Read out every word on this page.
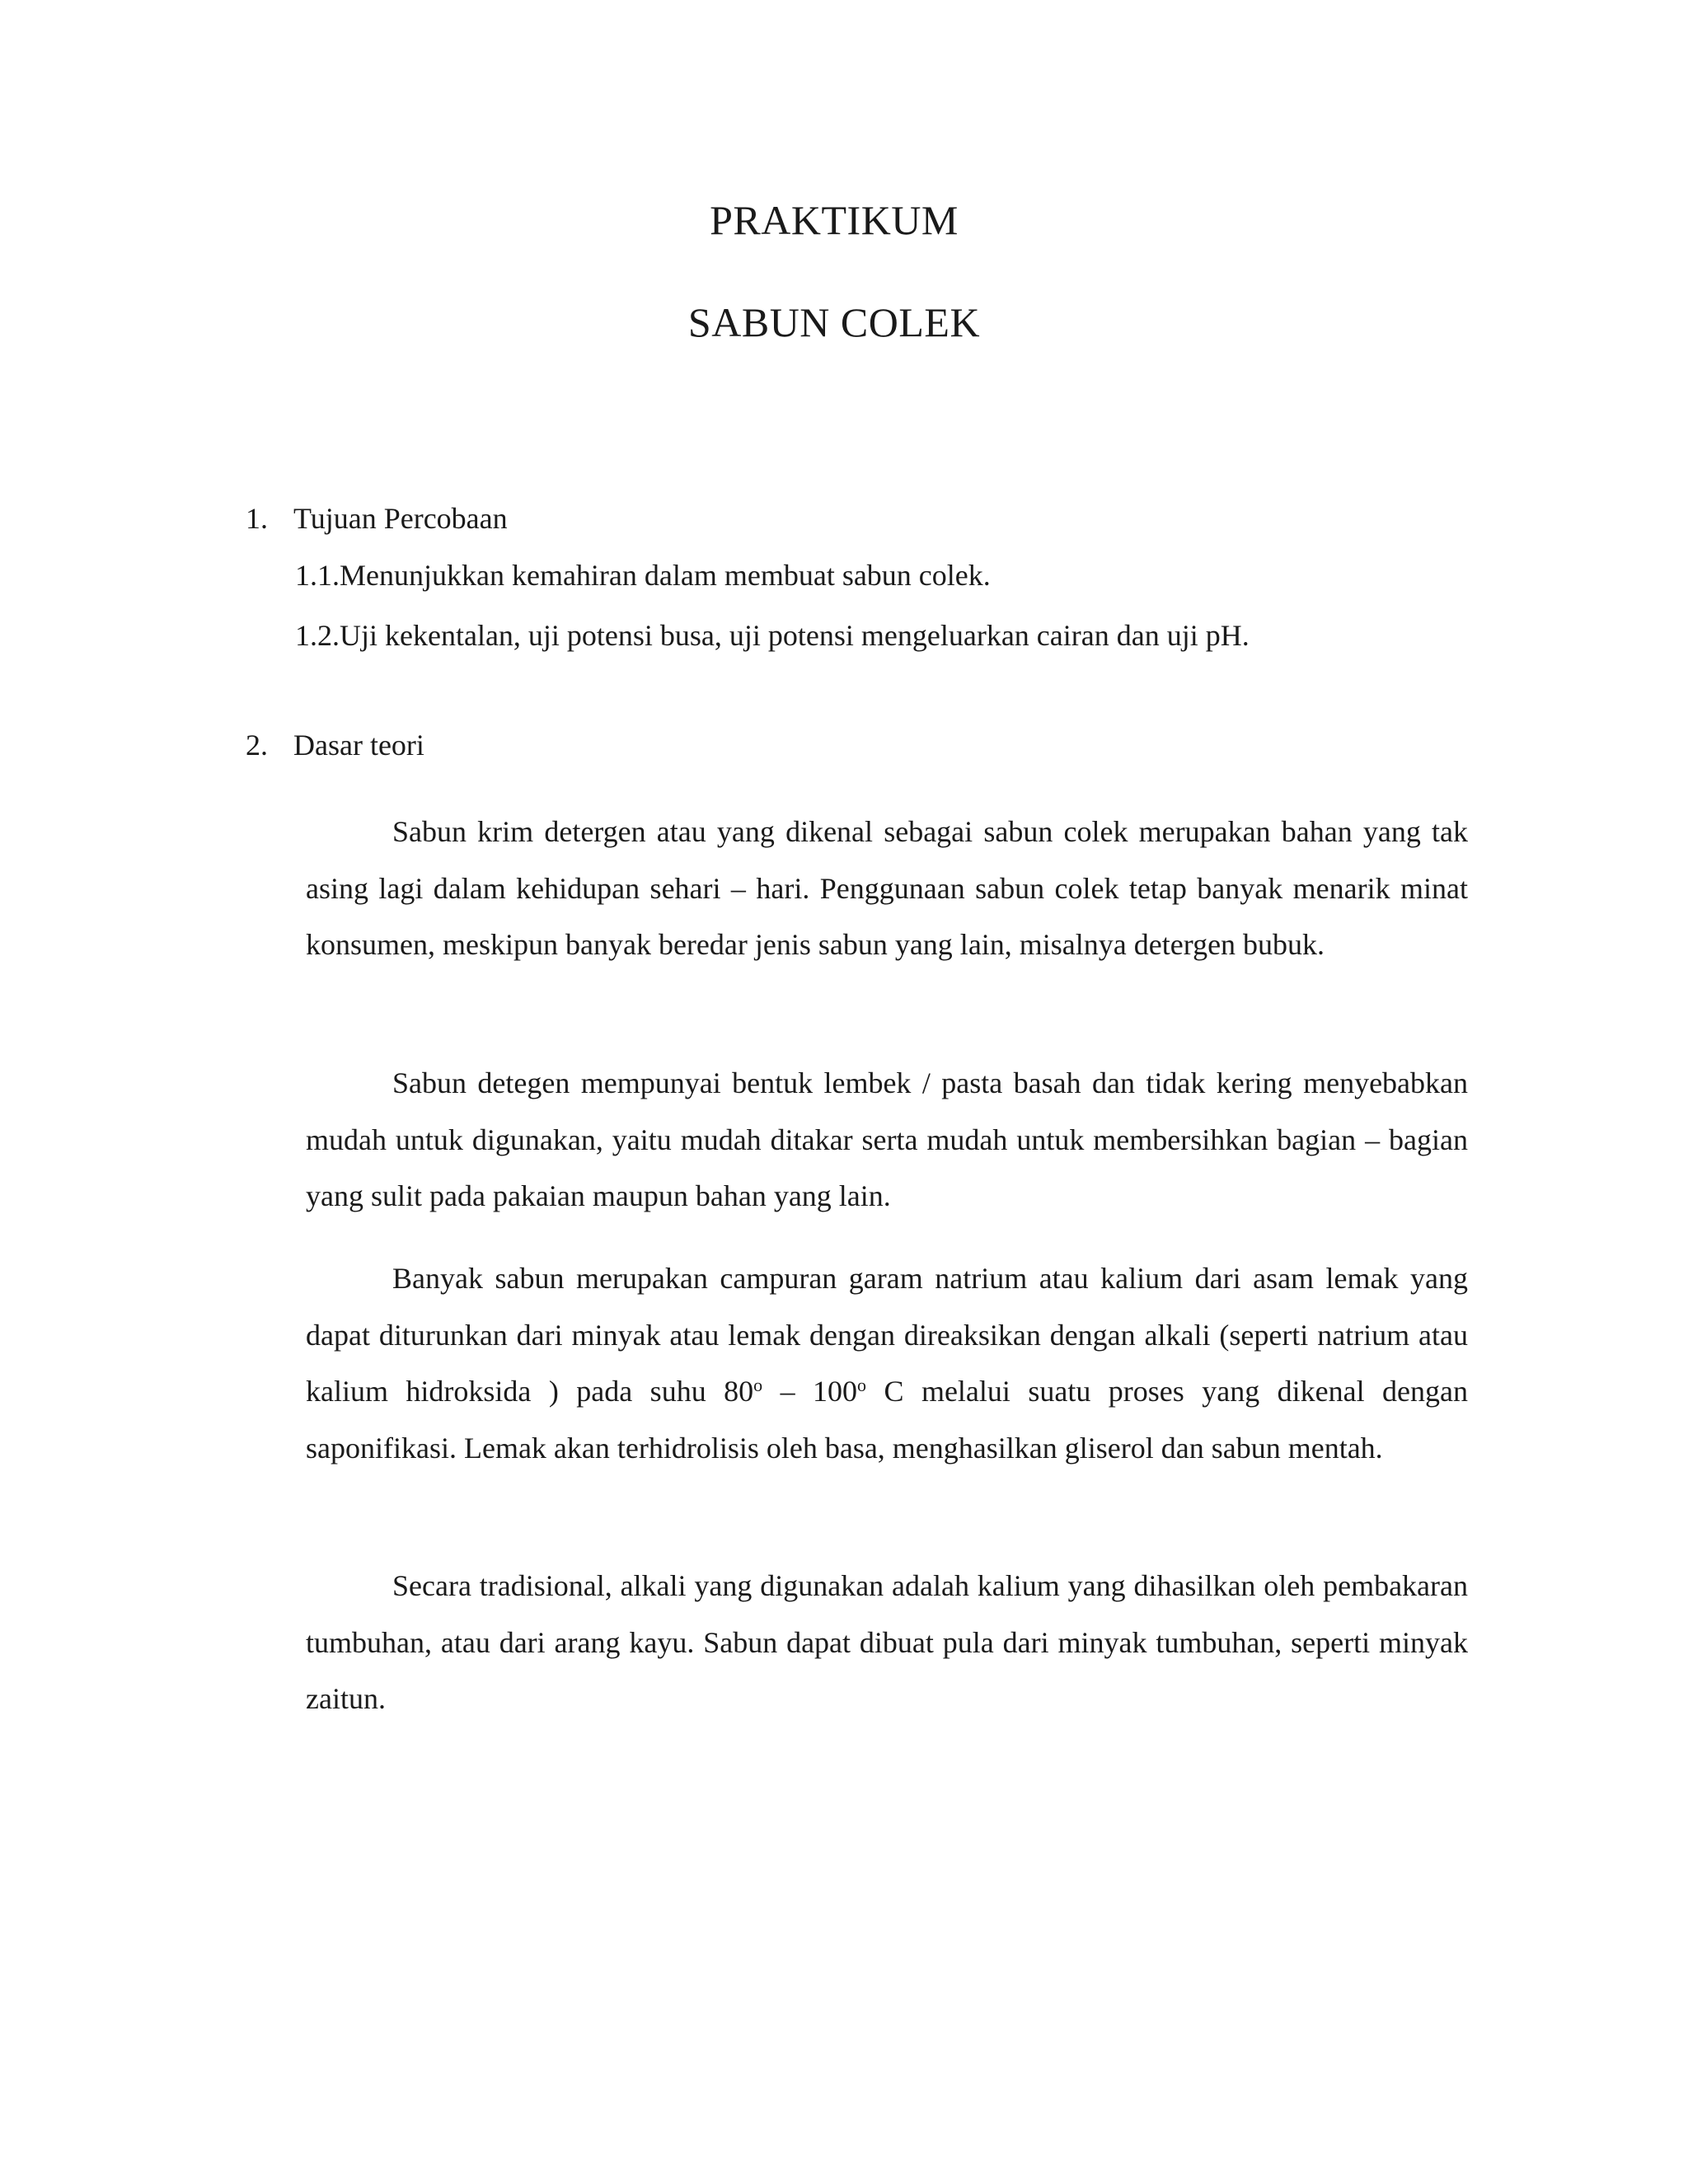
PRAKTIKUM
SABUN COLEK
1. Tujuan Percobaan
1.1.Menunjukkan kemahiran dalam membuat sabun colek.
1.2.Uji kekentalan, uji potensi busa, uji potensi mengeluarkan cairan dan uji pH.
2. Dasar teori

Sabun krim detergen atau yang dikenal sebagai sabun colek merupakan bahan yang tak asing lagi dalam kehidupan sehari – hari. Penggunaan sabun colek tetap banyak menarik minat konsumen, meskipun banyak beredar jenis sabun yang lain, misalnya detergen bubuk.

Sabun detegen mempunyai bentuk lembek / pasta basah dan tidak kering menyebabkan mudah untuk digunakan, yaitu mudah ditakar serta mudah untuk membersihkan bagian – bagian yang sulit pada pakaian maupun bahan yang lain.

Banyak sabun merupakan campuran garam natrium atau kalium dari asam lemak yang dapat diturunkan dari minyak atau lemak dengan direaksikan dengan alkali (seperti natrium atau kalium hidroksida ) pada suhu 80$^o$ – 100$^o$ C melalui suatu proses yang dikenal dengan saponifikasi. Lemak akan terhidrolisis oleh basa, menghasilkan gliserol dan sabun mentah.

Secara tradisional, alkali yang digunakan adalah kalium yang dihasilkan oleh pembakaran tumbuhan, atau dari arang kayu. Sabun dapat dibuat pula dari minyak tumbuhan, seperti minyak zaitun.
